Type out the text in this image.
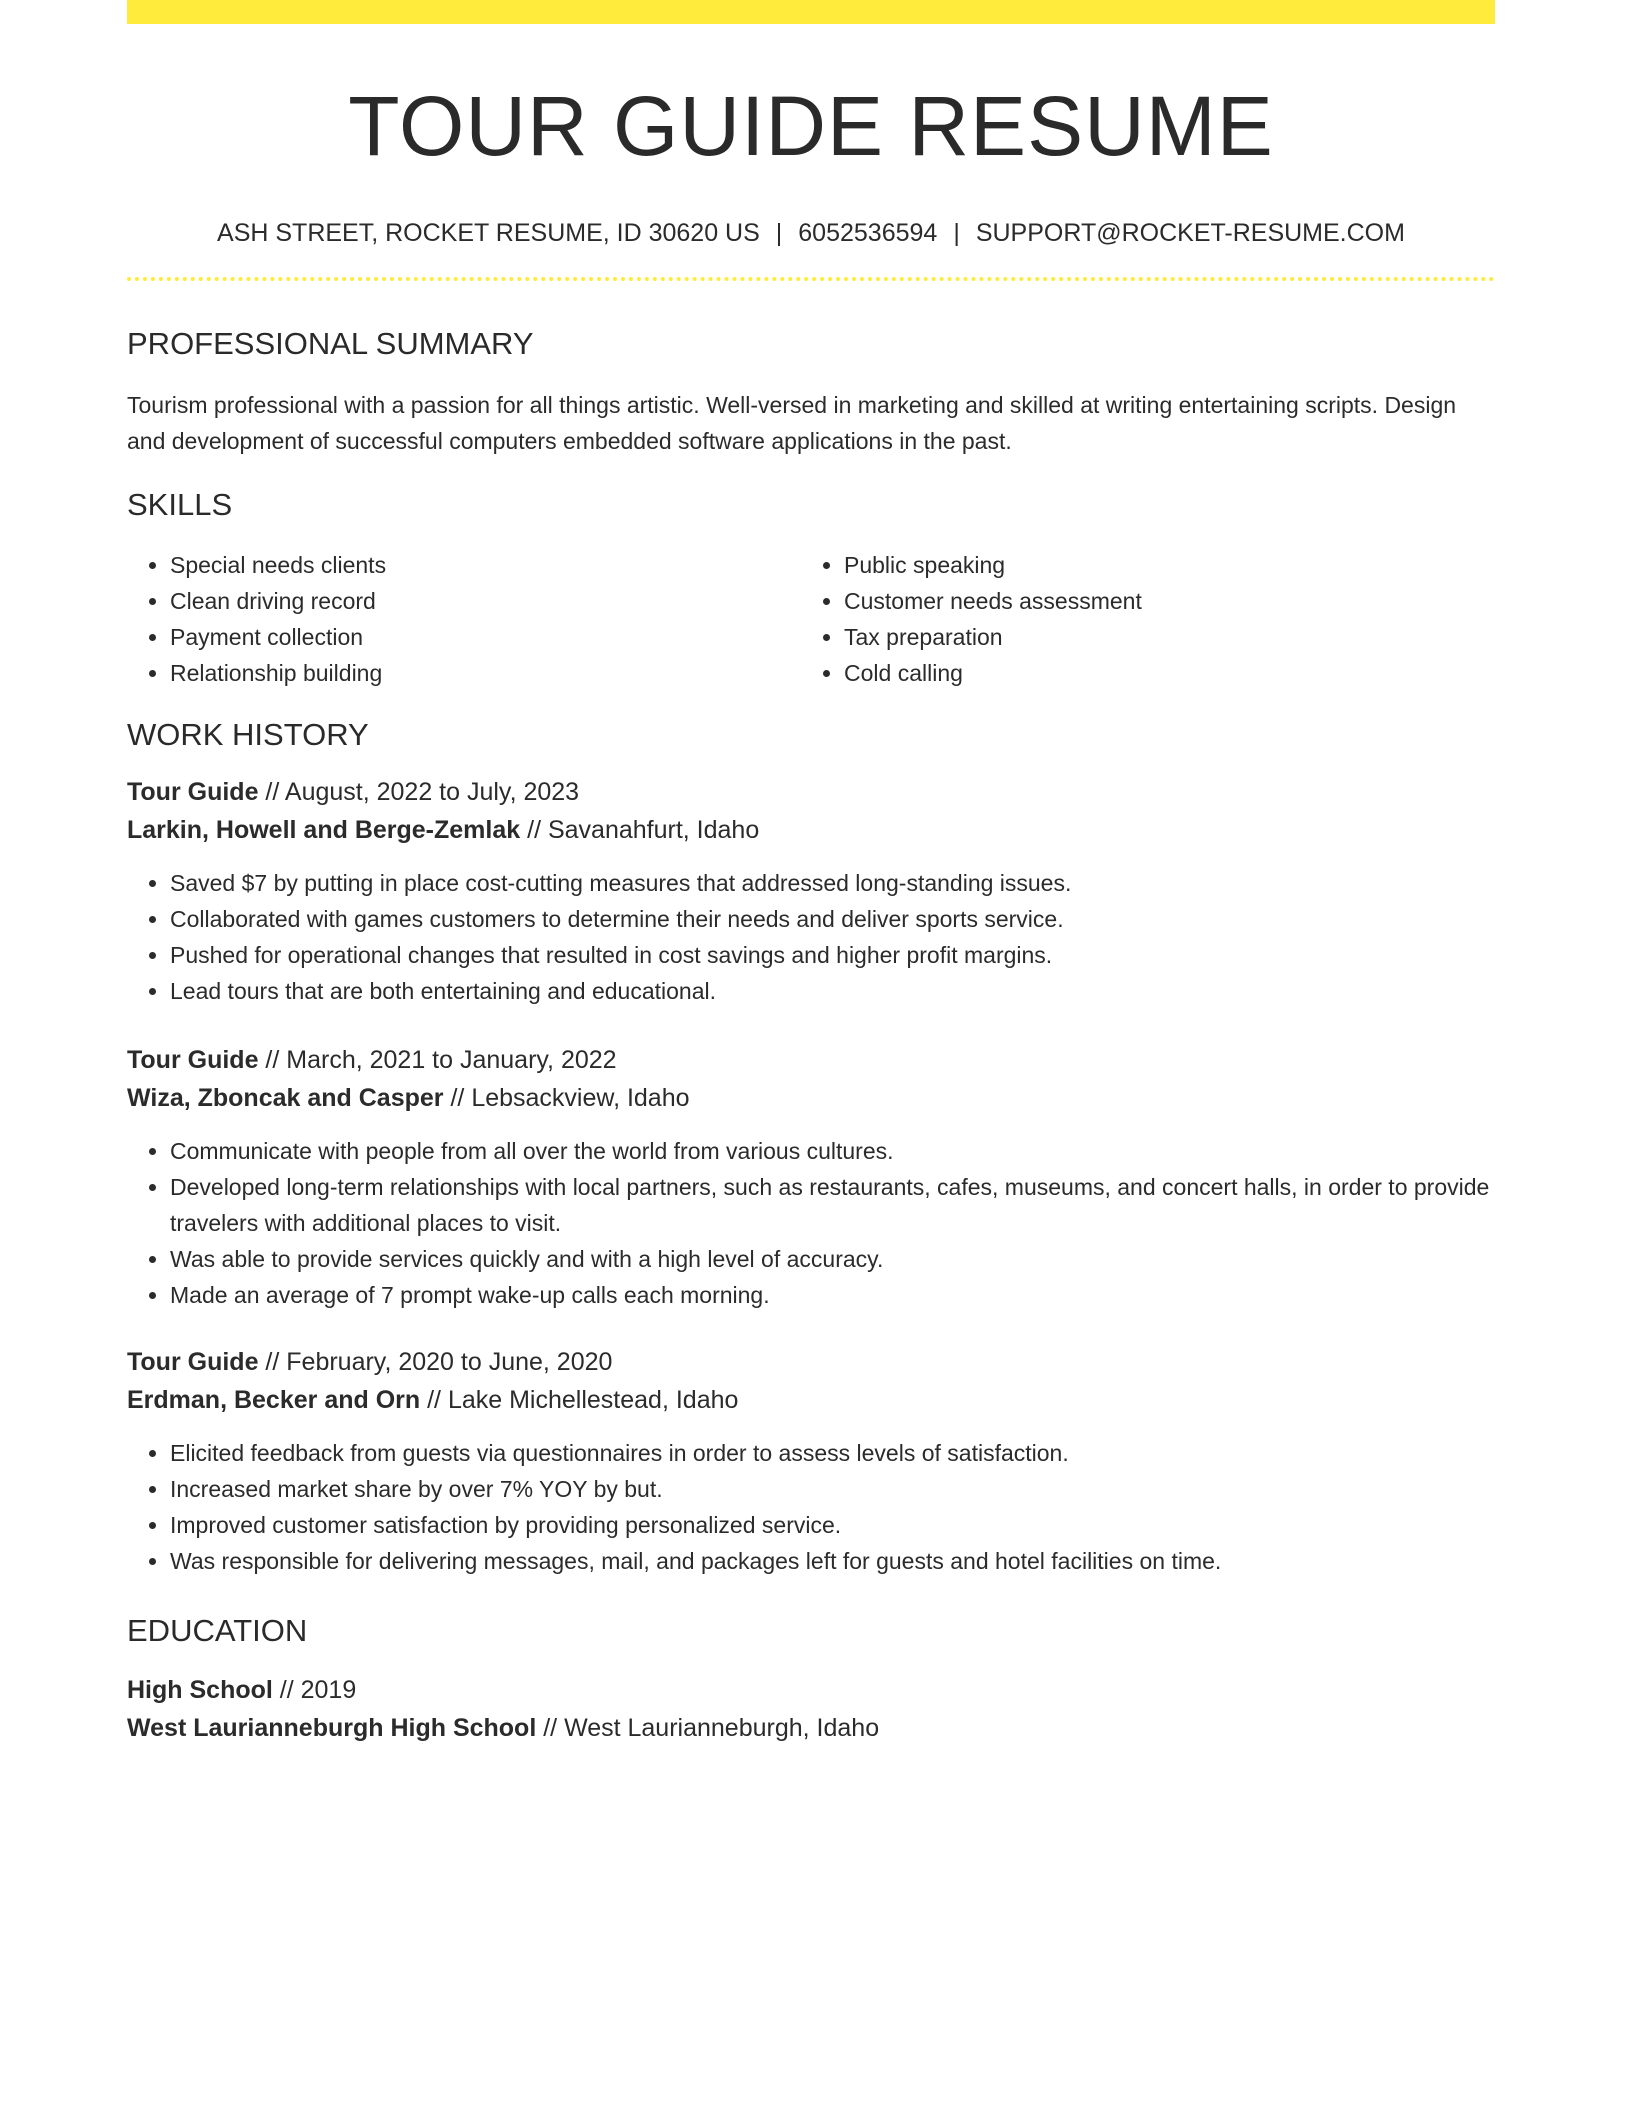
TOUR GUIDE RESUME
ASH STREET, ROCKET RESUME, ID 30620 US | 6052536594 | SUPPORT@ROCKET-RESUME.COM
PROFESSIONAL SUMMARY

Tourism professional with a passion for all things artistic. Well-versed in marketing and skilled at writing entertaining scripts. Design and development of successful computers embedded software applications in the past.

SKILLS
• Special needs clients
• Clean driving record
• Payment collection
• Relationship building
• Public speaking
• Customer needs assessment
• Tax preparation
• Cold calling
WORK HISTORY
Tour Guide // August, 2022 to July, 2023
Larkin, Howell and Berge-Zemlak // Savanahfurt, Idaho
• Saved $7 by putting in place cost-cutting measures that addressed long-standing issues.
• Collaborated with games customers to determine their needs and deliver sports service.
• Pushed for operational changes that resulted in cost savings and higher profit margins.
• Lead tours that are both entertaining and educational.
Tour Guide // March, 2021 to January, 2022
Wiza, Zboncak and Casper // Lebsackview, Idaho
• Communicate with people from all over the world from various cultures.
• Developed long-term relationships with local partners, such as restaurants, cafes, museums, and concert halls, in order to provide travelers with additional places to visit.
• Was able to provide services quickly and with a high level of accuracy.
• Made an average of 7 prompt wake-up calls each morning.
Tour Guide // February, 2020 to June, 2020
Erdman, Becker and Orn // Lake Michellestead, Idaho
• Elicited feedback from guests via questionnaires in order to assess levels of satisfaction.
• Increased market share by over 7% YOY by but.
• Improved customer satisfaction by providing personalized service.
• Was responsible for delivering messages, mail, and packages left for guests and hotel facilities on time.
EDUCATION
High School // 2019
West Laurianneburgh High School // West Laurianneburgh, Idaho
